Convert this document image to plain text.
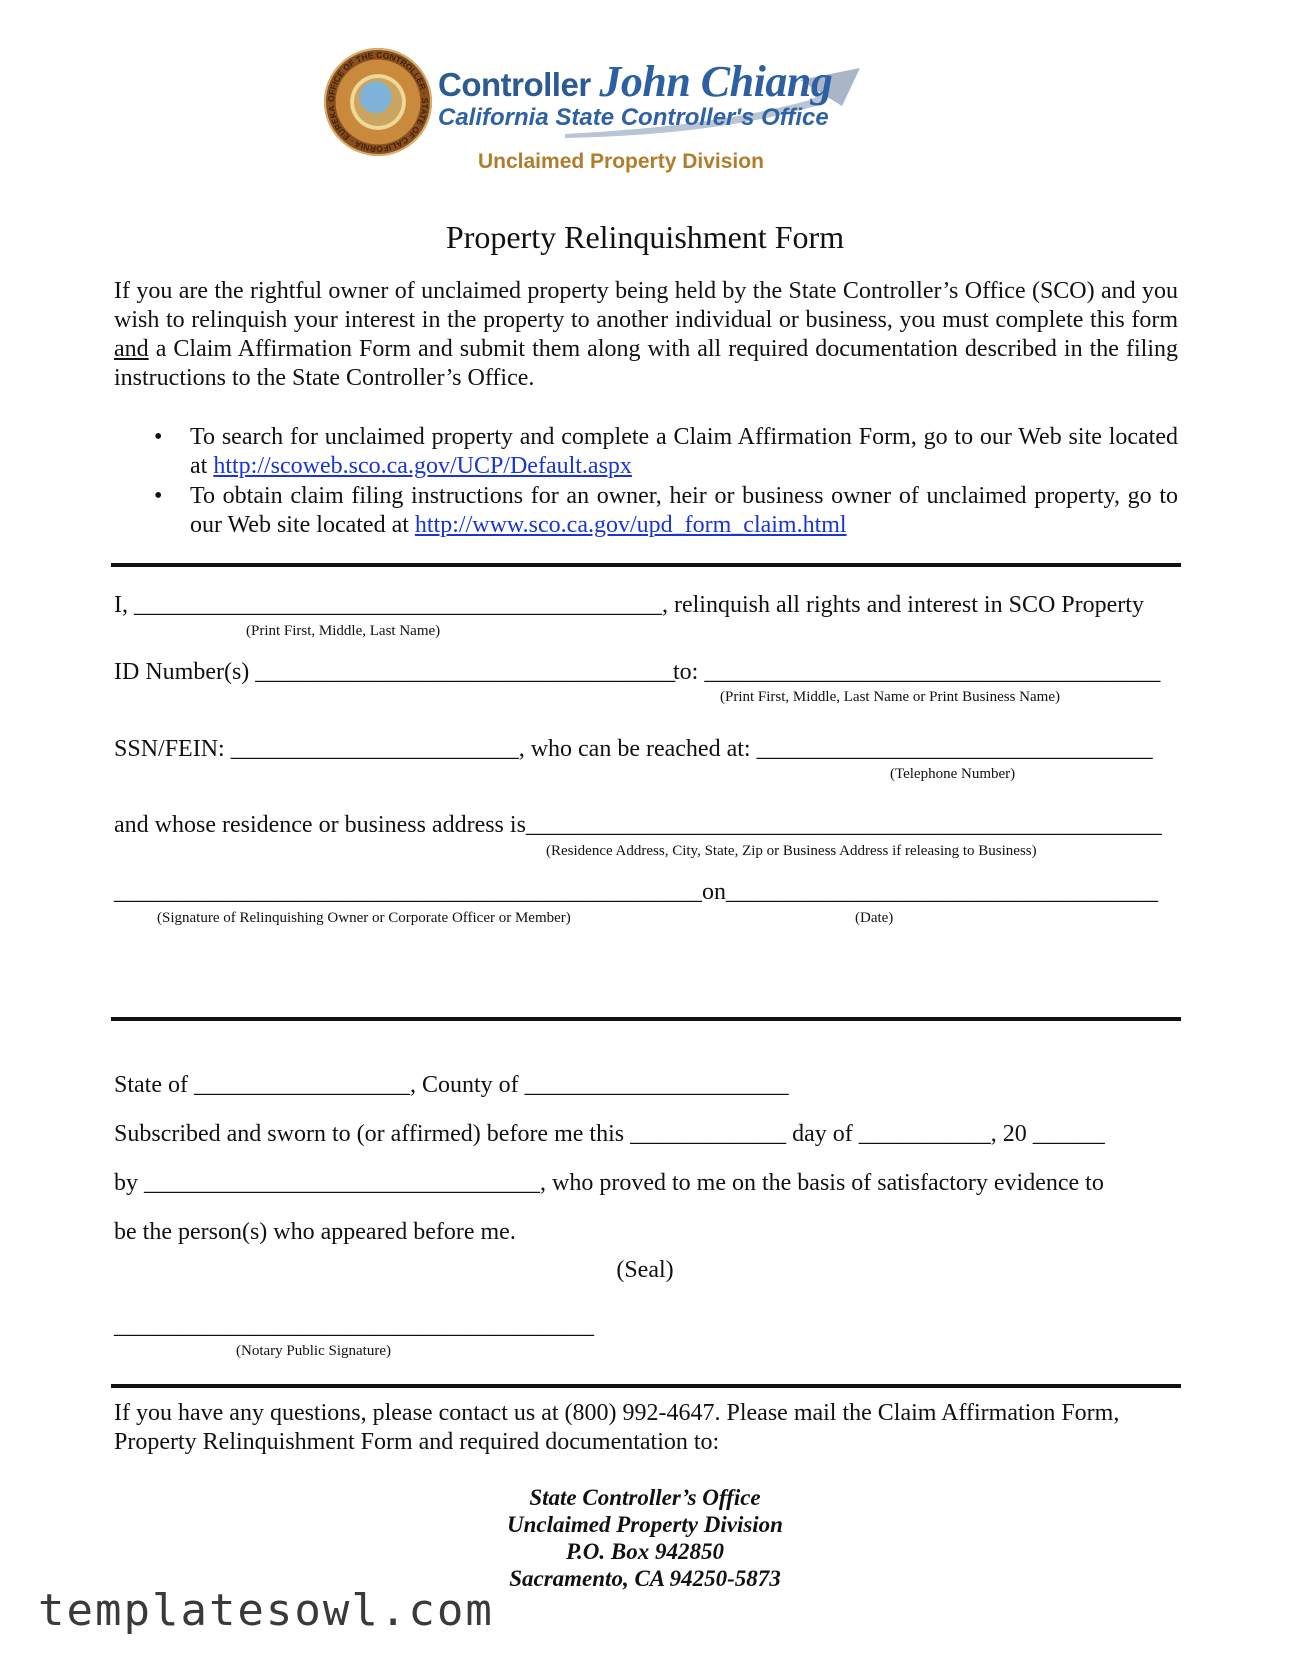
OFFICE OF THE CONTROLLER · STATE OF CALIFORNIA · EUREKA
Controller John Chiang
California State Controller's Office
Unclaimed Property Division
Property Relinquishment Form
If you are the rightful owner of unclaimed property being held by the State Controller’s Office (SCO) and you wish to relinquish your interest in the property to another individual or business, you must complete this form and a Claim Affirmation Form and submit them along with all required documentation described in the filing instructions to the State Controller’s Office.
• To search for unclaimed property and complete a Claim Affirmation Form, go to our Web site located at http://scoweb.sco.ca.gov/UCP/Default.aspx
• To obtain claim filing instructions for an owner, heir or business owner of unclaimed property, go to our Web site located at http://www.sco.ca.gov/upd_form_claim.html
I, ____________________________________________, relinquish all rights and interest in SCO Property
(Print First, Middle, Last Name)
ID Number(s) ___________________________________
to: ______________________________________
(Print First, Middle, Last Name or Print Business Name)
SSN/FEIN: ________________________, who can be reached at: _________________________________
(Telephone Number)
and whose residence or business address is_____________________________________________________
(Residence Address, City, State, Zip or Business Address if releasing to Business)
_________________________________________________on____________________________________
(Signature of Relinquishing Owner or Corporate Officer or Member)	(Date)
State of __________________, County of ______________________
Subscribed and sworn to (or affirmed) before me this _____________ day of ___________, 20 ______
by _________________________________, who proved to me on the basis of satisfactory evidence to
be the person(s) who appeared before me.
(Seal)
________________________________________
(Notary Public Signature)
If you have any questions, please contact us at (800) 992-4647. Please mail the Claim Affirmation Form,
Property Relinquishment Form and required documentation to:
State Controller’s Office
Unclaimed Property Division
P.O. Box 942850
Sacramento, CA 94250-5873
templatesowl.com
